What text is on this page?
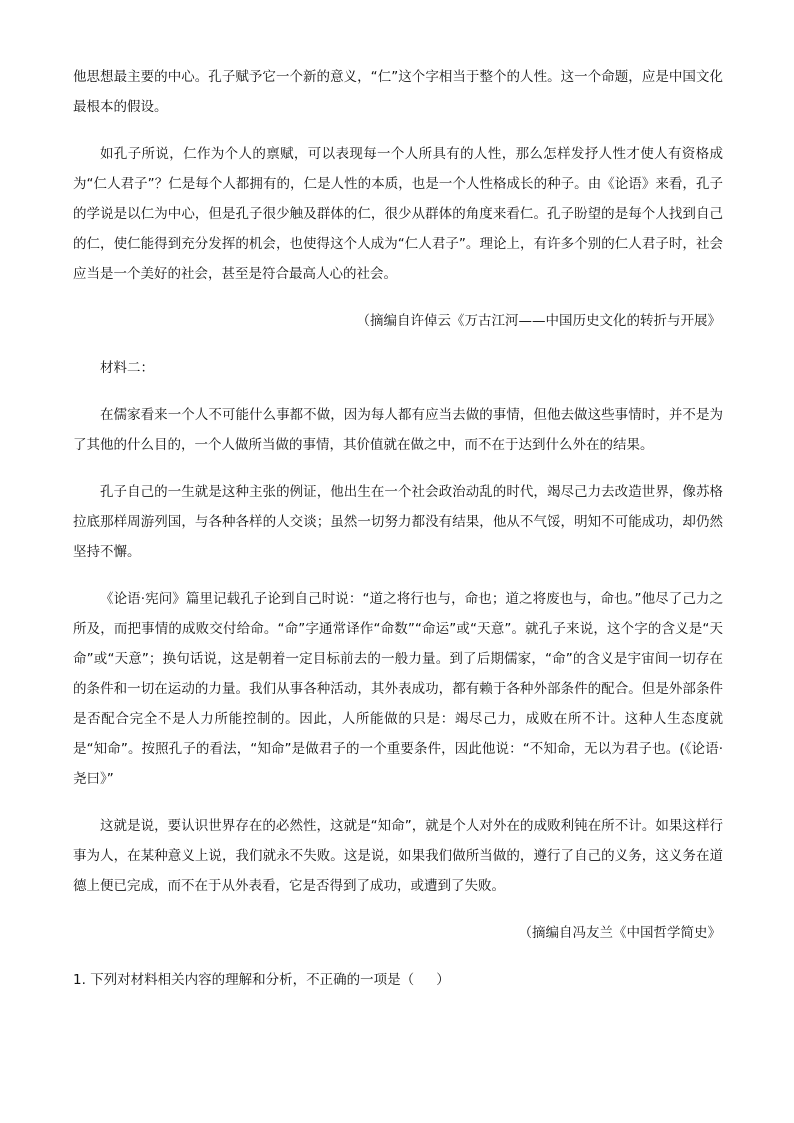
他思想最主要的中心。孔子赋予它一个新的意义，“仁”这个字相当于整个的人性。这一个命题，应是中国文化最根本的假设。

如孔子所说，仁作为个人的禀赋，可以表现每一个人所具有的人性，那么怎样发抒人性才使人有资格成为“仁人君子”？仁是每个人都拥有的，仁是人性的本质，也是一个人性格成长的种子。由《论语》来看，孔子的学说是以仁为中心，但是孔子很少触及群体的仁，很少从群体的角度来看仁。孔子盼望的是每个人找到自己的仁，使仁能得到充分发挥的机会，也使得这个人成为“仁人君子”。理论上，有许多个别的仁人君子时，社会应当是一个美好的社会，甚至是符合最高人心的社会。

（摘编自许倬云《万古江河——中国历史文化的转折与开展》

材料二：

在儒家看来一个人不可能什么事都不做，因为每人都有应当去做的事情，但他去做这些事情时，并不是为了其他的什么目的，一个人做所当做的事情，其价值就在做之中，而不在于达到什么外在的结果。

孔子自己的一生就是这种主张的例证，他出生在一个社会政治动乱的时代，竭尽己力去改造世界，像苏格拉底那样周游列国，与各种各样的人交谈；虽然一切努力都没有结果，他从不气馁，明知不可能成功，却仍然坚持不懈。

《论语·宪问》篇里记载孔子论到自己时说：“道之将行也与，命也；道之将废也与，命也。”他尽了己力之所及，而把事情的成败交付给命。“命”字通常译作“命数”“命运”或“天意”。就孔子来说，这个字的含义是“天命”或“天意”；换句话说，这是朝着一定目标前去的一般力量。到了后期儒家，“命”的含义是宇宙间一切存在的条件和一切在运动的力量。我们从事各种活动，其外表成功，都有赖于各种外部条件的配合。但是外部条件是否配合完全不是人力所能控制的。因此，人所能做的只是：竭尽己力，成败在所不计。这种人生态度就是“知命”。按照孔子的看法，“知命”是做君子的一个重要条件，因此他说：“不知命，无以为君子也。(《论语·尧曰》”

这就是说，要认识世界存在的必然性，这就是“知命”，就是个人对外在的成败利钝在所不计。如果这样行事为人，在某种意义上说，我们就永不失败。这是说，如果我们做所当做的，遵行了自己的义务，这义务在道德上便已完成，而不在于从外表看，它是否得到了成功，或遭到了失败。

（摘编自冯友兰《中国哲学简史》

1. 下列对材料相关内容的理解和分析，不正确的一项是（ ）
